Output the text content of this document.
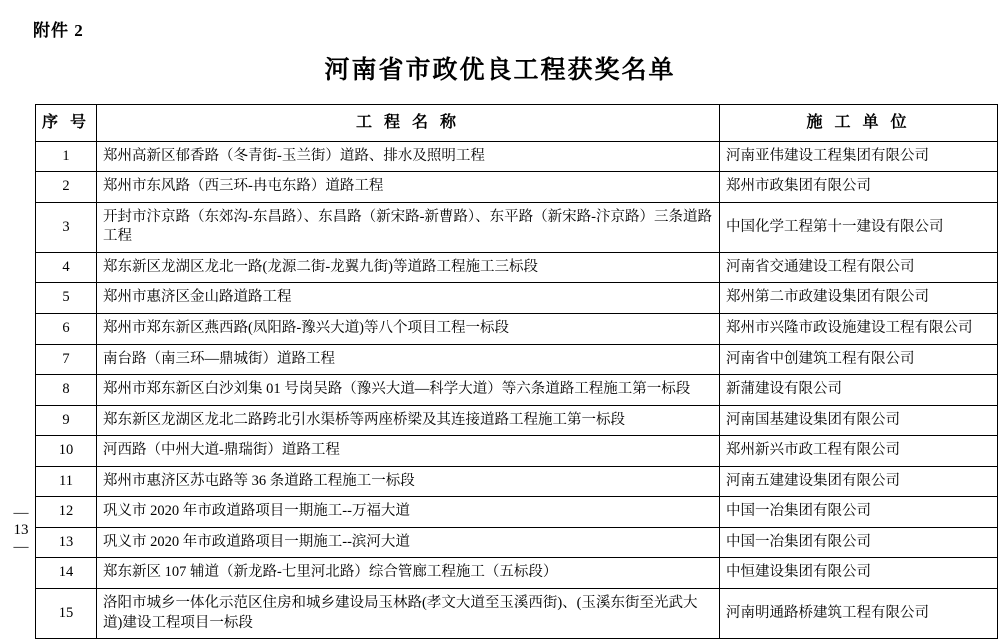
附件 2
河南省市政优良工程获奖名单
— 13 —
序 号	工 程 名 称	施 工 单 位
1	郑州高新区郁香路（冬青街-玉兰街）道路、排水及照明工程	河南亚伟建设工程集团有限公司
2	郑州市东风路（西三环-冉屯东路）道路工程	郑州市政集团有限公司
3	开封市汴京路（东郊沟-东昌路）、东昌路（新宋路-新曹路）、东平路（新宋路-汴京路）三条道路工程	中国化学工程第十一建设有限公司
4	郑东新区龙湖区龙北一路(龙源二街-龙翼九街)等道路工程施工三标段	河南省交通建设工程有限公司
5	郑州市惠济区金山路道路工程	郑州第二市政建设集团有限公司
6	郑州市郑东新区燕西路(凤阳路-豫兴大道)等八个项目工程一标段	郑州市兴隆市政设施建设工程有限公司
7	南台路（南三环—鼎城街）道路工程	河南省中创建筑工程有限公司
8	郑州市郑东新区白沙刘集 01 号岗吴路（豫兴大道—科学大道）等六条道路工程施工第一标段	新蒲建设有限公司
9	郑东新区龙湖区龙北二路跨北引水渠桥等两座桥梁及其连接道路工程施工第一标段	河南国基建设集团有限公司
10	河西路（中州大道-鼎瑞街）道路工程	郑州新兴市政工程有限公司
11	郑州市惠济区苏屯路等 36 条道路工程施工一标段	河南五建建设集团有限公司
12	巩义市 2020 年市政道路项目一期施工--万福大道	中国一冶集团有限公司
13	巩义市 2020 年市政道路项目一期施工--滨河大道	中国一冶集团有限公司
14	郑东新区 107 辅道（新龙路-七里河北路）综合管廊工程施工（五标段）	中恒建设集团有限公司
15	洛阳市城乡一体化示范区住房和城乡建设局玉林路(孝文大道至玉溪西街)、(玉溪东街至光武大道)建设工程项目一标段	河南明通路桥建筑工程有限公司
